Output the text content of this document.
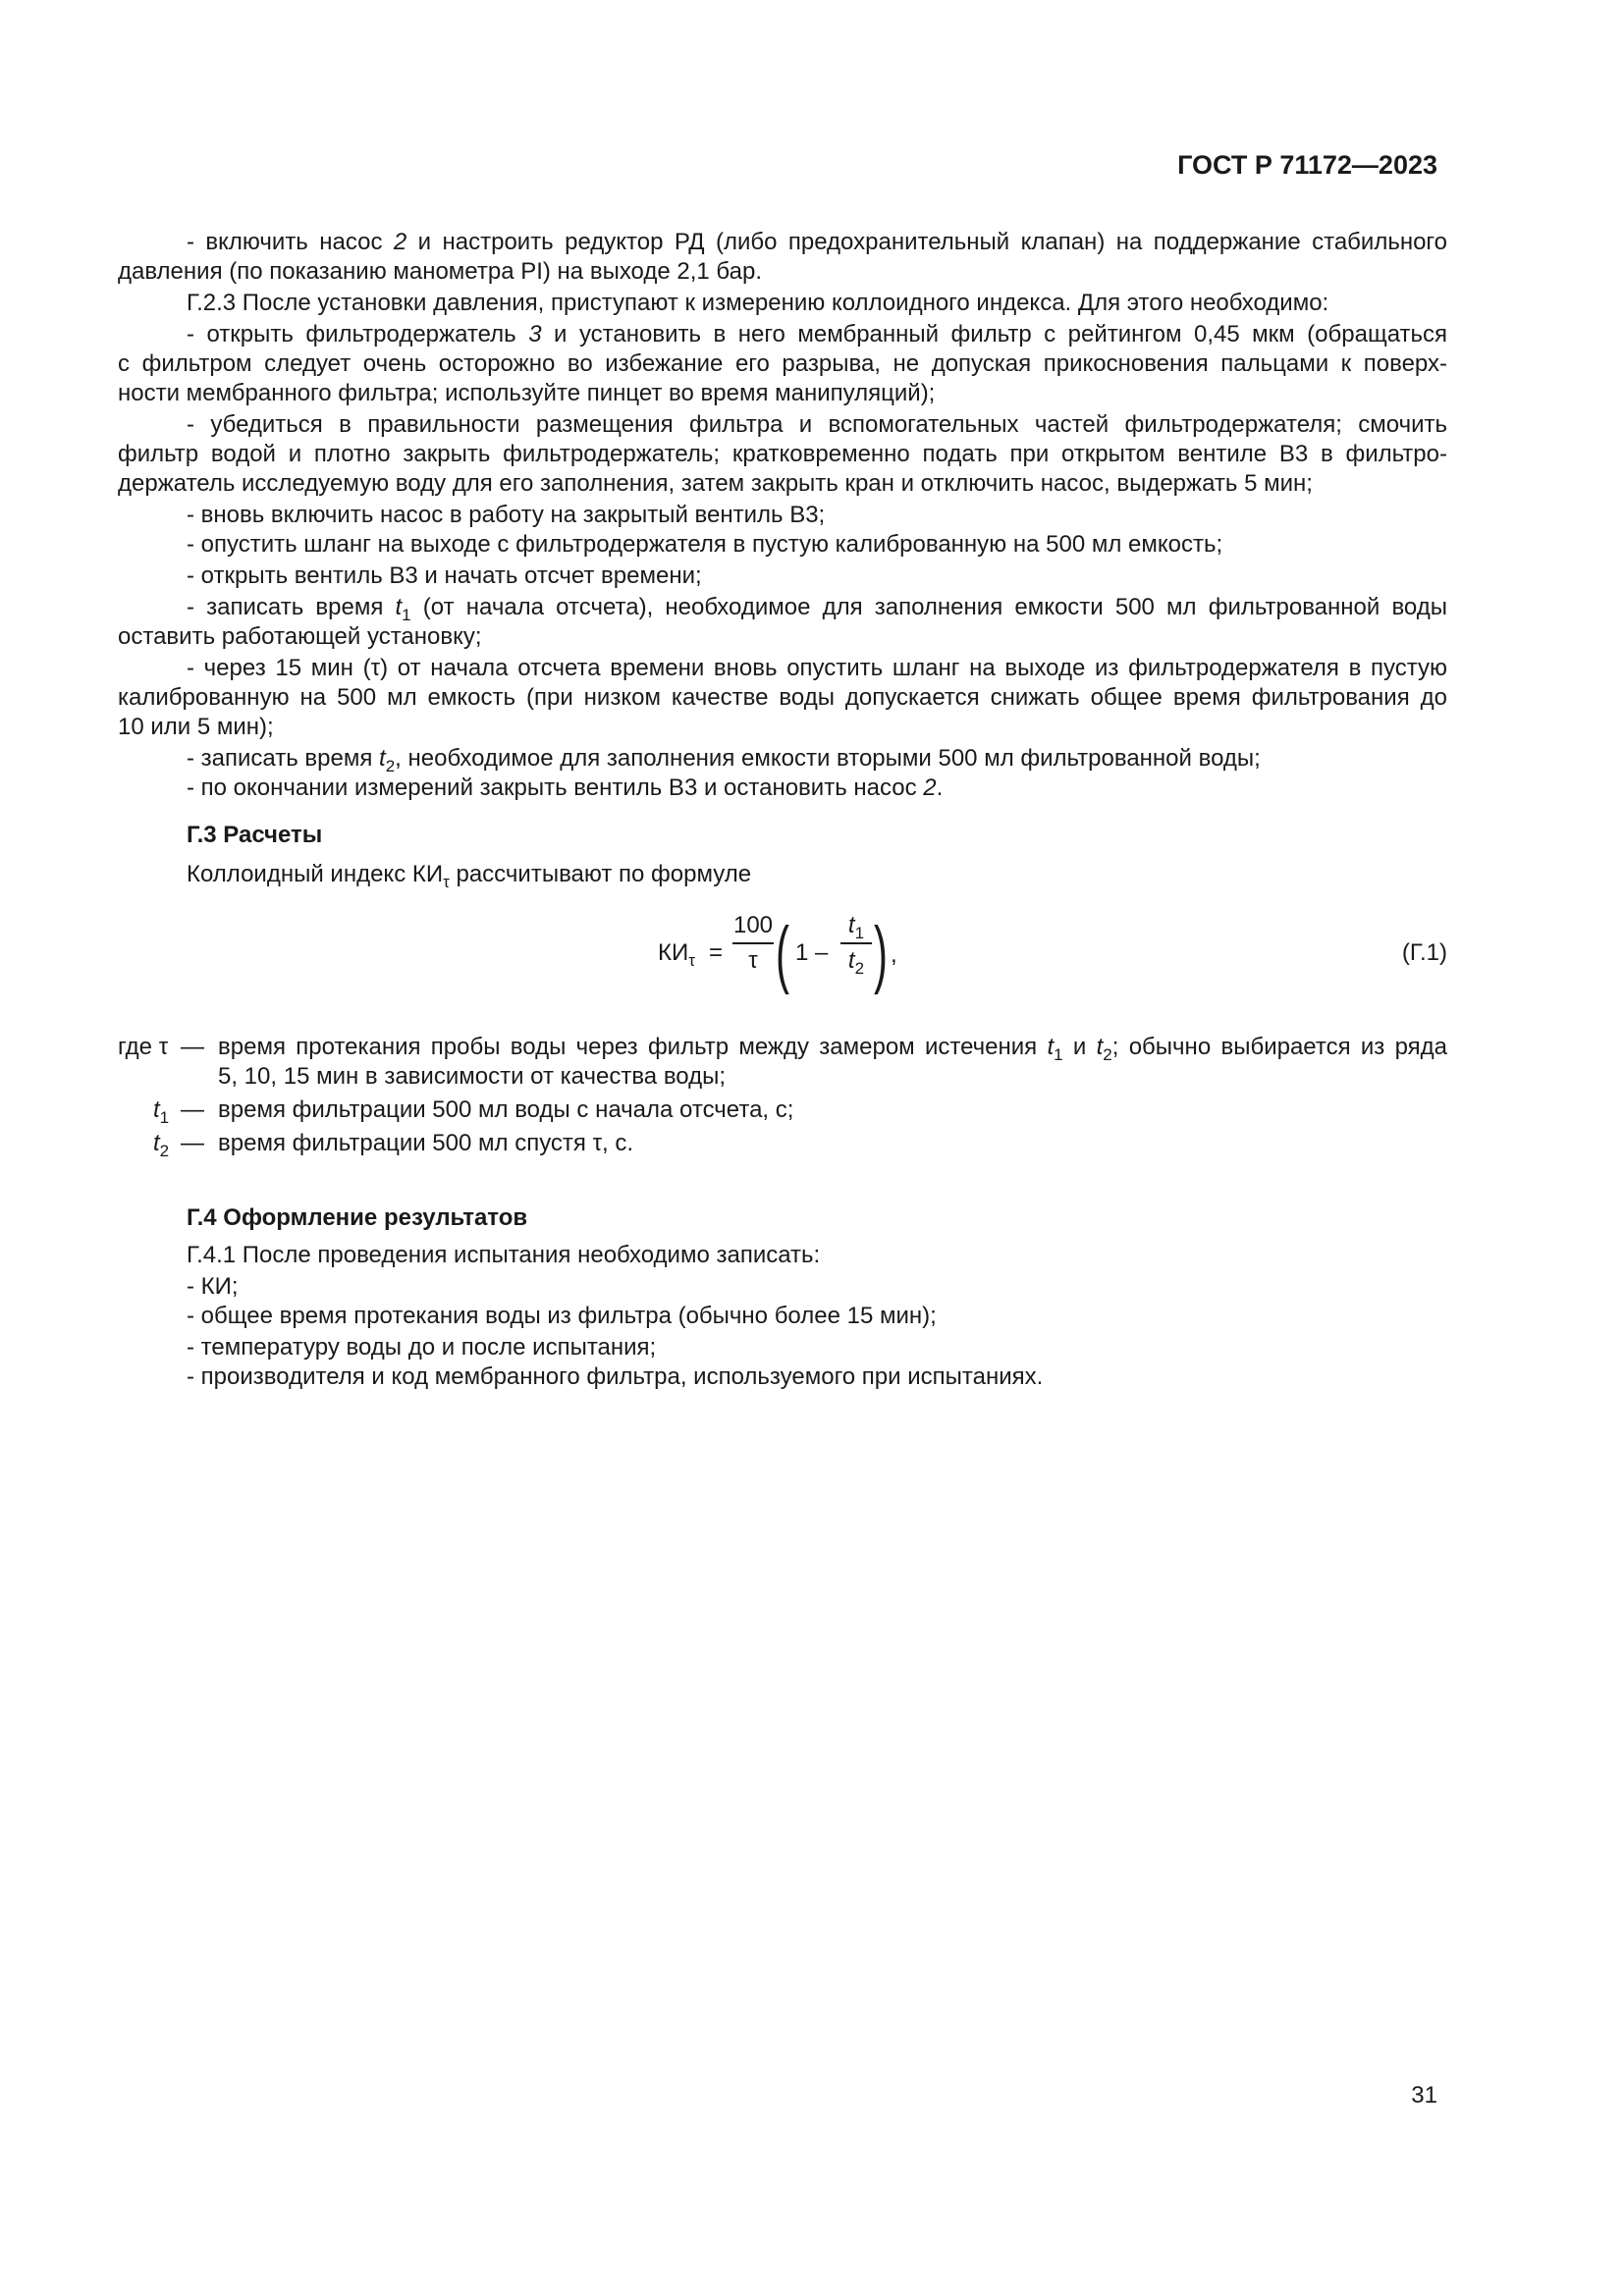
ГОСТ Р 71172—2023
- включить насос 2 и настроить редуктор РД (либо предохранительный клапан) на поддержание стабильного
давления (по показанию манометра PI) на выходе 2,1 бар.
Г.2.3 После установки давления, приступают к измерению коллоидного индекса. Для этого необходимо:
- открыть фильтродержатель 3 и установить в него мембранный фильтр с рейтингом 0,45 мкм (обращаться
с фильтром следует очень осторожно во избежание его разрыва, не допуская прикосновения пальцами к поверх-
ности мембранного фильтра; используйте пинцет во время манипуляций);
- убедиться в правильности размещения фильтра и вспомогательных частей фильтродержателя; смочить
фильтр водой и плотно закрыть фильтродержатель; кратковременно подать при открытом вентиле В3 в фильтро-
держатель исследуемую воду для его заполнения, затем закрыть кран и отключить насос, выдержать 5 мин;
- вновь включить насос в работу на закрытый вентиль В3;
- опустить шланг на выходе с фильтродержателя в пустую калиброванную на 500 мл емкость;
- открыть вентиль В3 и начать отсчет времени;
- записать время $t_1$ (от начала отсчета), необходимое для заполнения емкости 500 мл фильтрованной воды
оставить работающей установку;
- через 15 мин (τ) от начала отсчета времени вновь опустить шланг на выходе из фильтродержателя в пустую
калиброванную на 500 мл емкость (при низком качестве воды допускается снижать общее время фильтрования до
10 или 5 мин);
- записать время $t_2$, необходимое для заполнения емкости вторыми 500 мл фильтрованной воды;
- по окончании измерений закрыть вентиль В3 и остановить насос 2.
Г.3 Расчеты
Коллоидный индекс $КИ_\tau$ рассчитывают по формуле
$КИ_\tau$ =
100
τ ( 1 –
$t_1$
$t_2$ ) ,	(Г.1)
где τ — время протекания пробы воды через фильтр между замером истечения $t_1$ и $t_2$; обычно выбирается из ряда
5, 10, 15 мин в зависимости от качества воды;
$t_1$ — время фильтрации 500 мл воды с начала отсчета, с;
$t_2$ — время фильтрации 500 мл спустя τ, с.
Г.4 Оформление результатов
Г.4.1 После проведения испытания необходимо записать:
- КИ;
- общее время протекания воды из фильтра (обычно более 15 мин);
- температуру воды до и после испытания;
- производителя и код мембранного фильтра, используемого при испытаниях.
31
